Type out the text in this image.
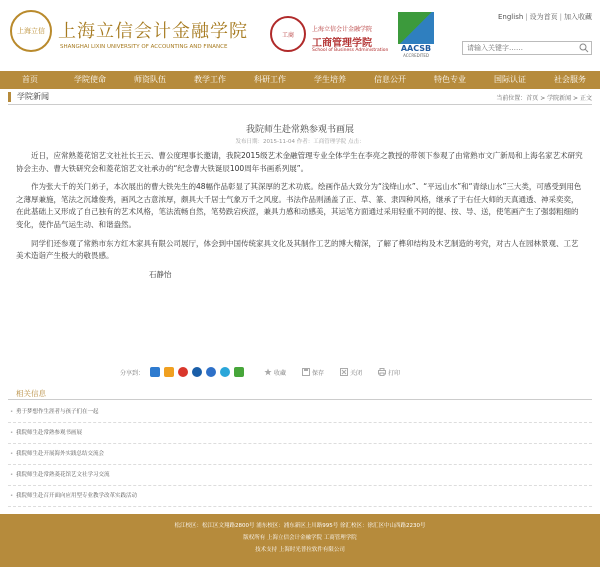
上海立信 上海立信会计金融学院
SHANGHAI LIXIN UNIVERSITY OF ACCOUNTING AND FINANCE
工商
上海立信会计金融学院
工商管理学院
School of Business Administration	AACSB
ACCREDITED
English | 设为首页 | 加入收藏
请输入关键字……
首页	学院使命	师资队伍	教学工作	科研工作	学生培养	信息公开	特色专业	国际认证	社会服务
学院新闻	当前位置：首页 > 学院新闻 > 正文
我院师生赴常熟参观书画展
发布日期：2015-11-04 作者：工商管理学院 点击：

近日，应常熟菱花馆艺文社社长王云、曹公度理事长邀请，我院2015级艺术金融管理专业全体学生在李亮之教授的带领下参观了由常熟市文广新局和上海名家艺术研究协会主办、曹大铁研究会和菱花馆艺文社承办的“纪念曹大铁诞辰100周年书画系列展”。

作为张大千的关门弟子，本次展出的曹大铁先生的48幅作品彰显了其深厚的艺术功底。绘画作品大致分为“浅绛山水”、“平远山水”和“青绿山水”三大类，可感受到用色之薄厚兼施，笔法之沉雄俊秀，画风之古意浓厚，颇具大千居士气象万千之风度。书法作品则涵盖了正、草、篆、隶四种风格，继承了于右任大师的天真通透、神采奕奕，在此基础上又形成了自己独有的艺术风格，笔法流畅自然，笔势跌宕疾涩，兼具力感和动感美，其运笔方面通过采用轻重不同的提、按、导、送，使笔画产生了强弱粗细的变化，使作品气运生动、和谐盎然。

同学们还参观了常熟市东方红木家具有限公司展厅，体会到中国传统家具文化及其制作工艺的博大精深，了解了榫卯结构及木艺制造的考究，对古人在园林景观、工艺美术造诣产生极大的敬畏感。

石静怡

分享到：	收藏	保存	关闭	打印
相关信息
• 勇于梦想作生涯者与孩子们在一起
• 我院师生赴常熟参观书画展
• 我院师生赴开展海外实践总结交流会
• 我院师生赴常熟菱花馆艺文社学习交流
• 我院师生赴召开面向应用型专业教学改革实践活动
松江校区：松江区文翔路2800号 浦东校区：浦东新区上川路995号 徐汇校区：徐汇区中山西路2230号
版权所有 上海立信会计金融学院 工商管理学院
技术支持 上海时光普拉软件有限公司
